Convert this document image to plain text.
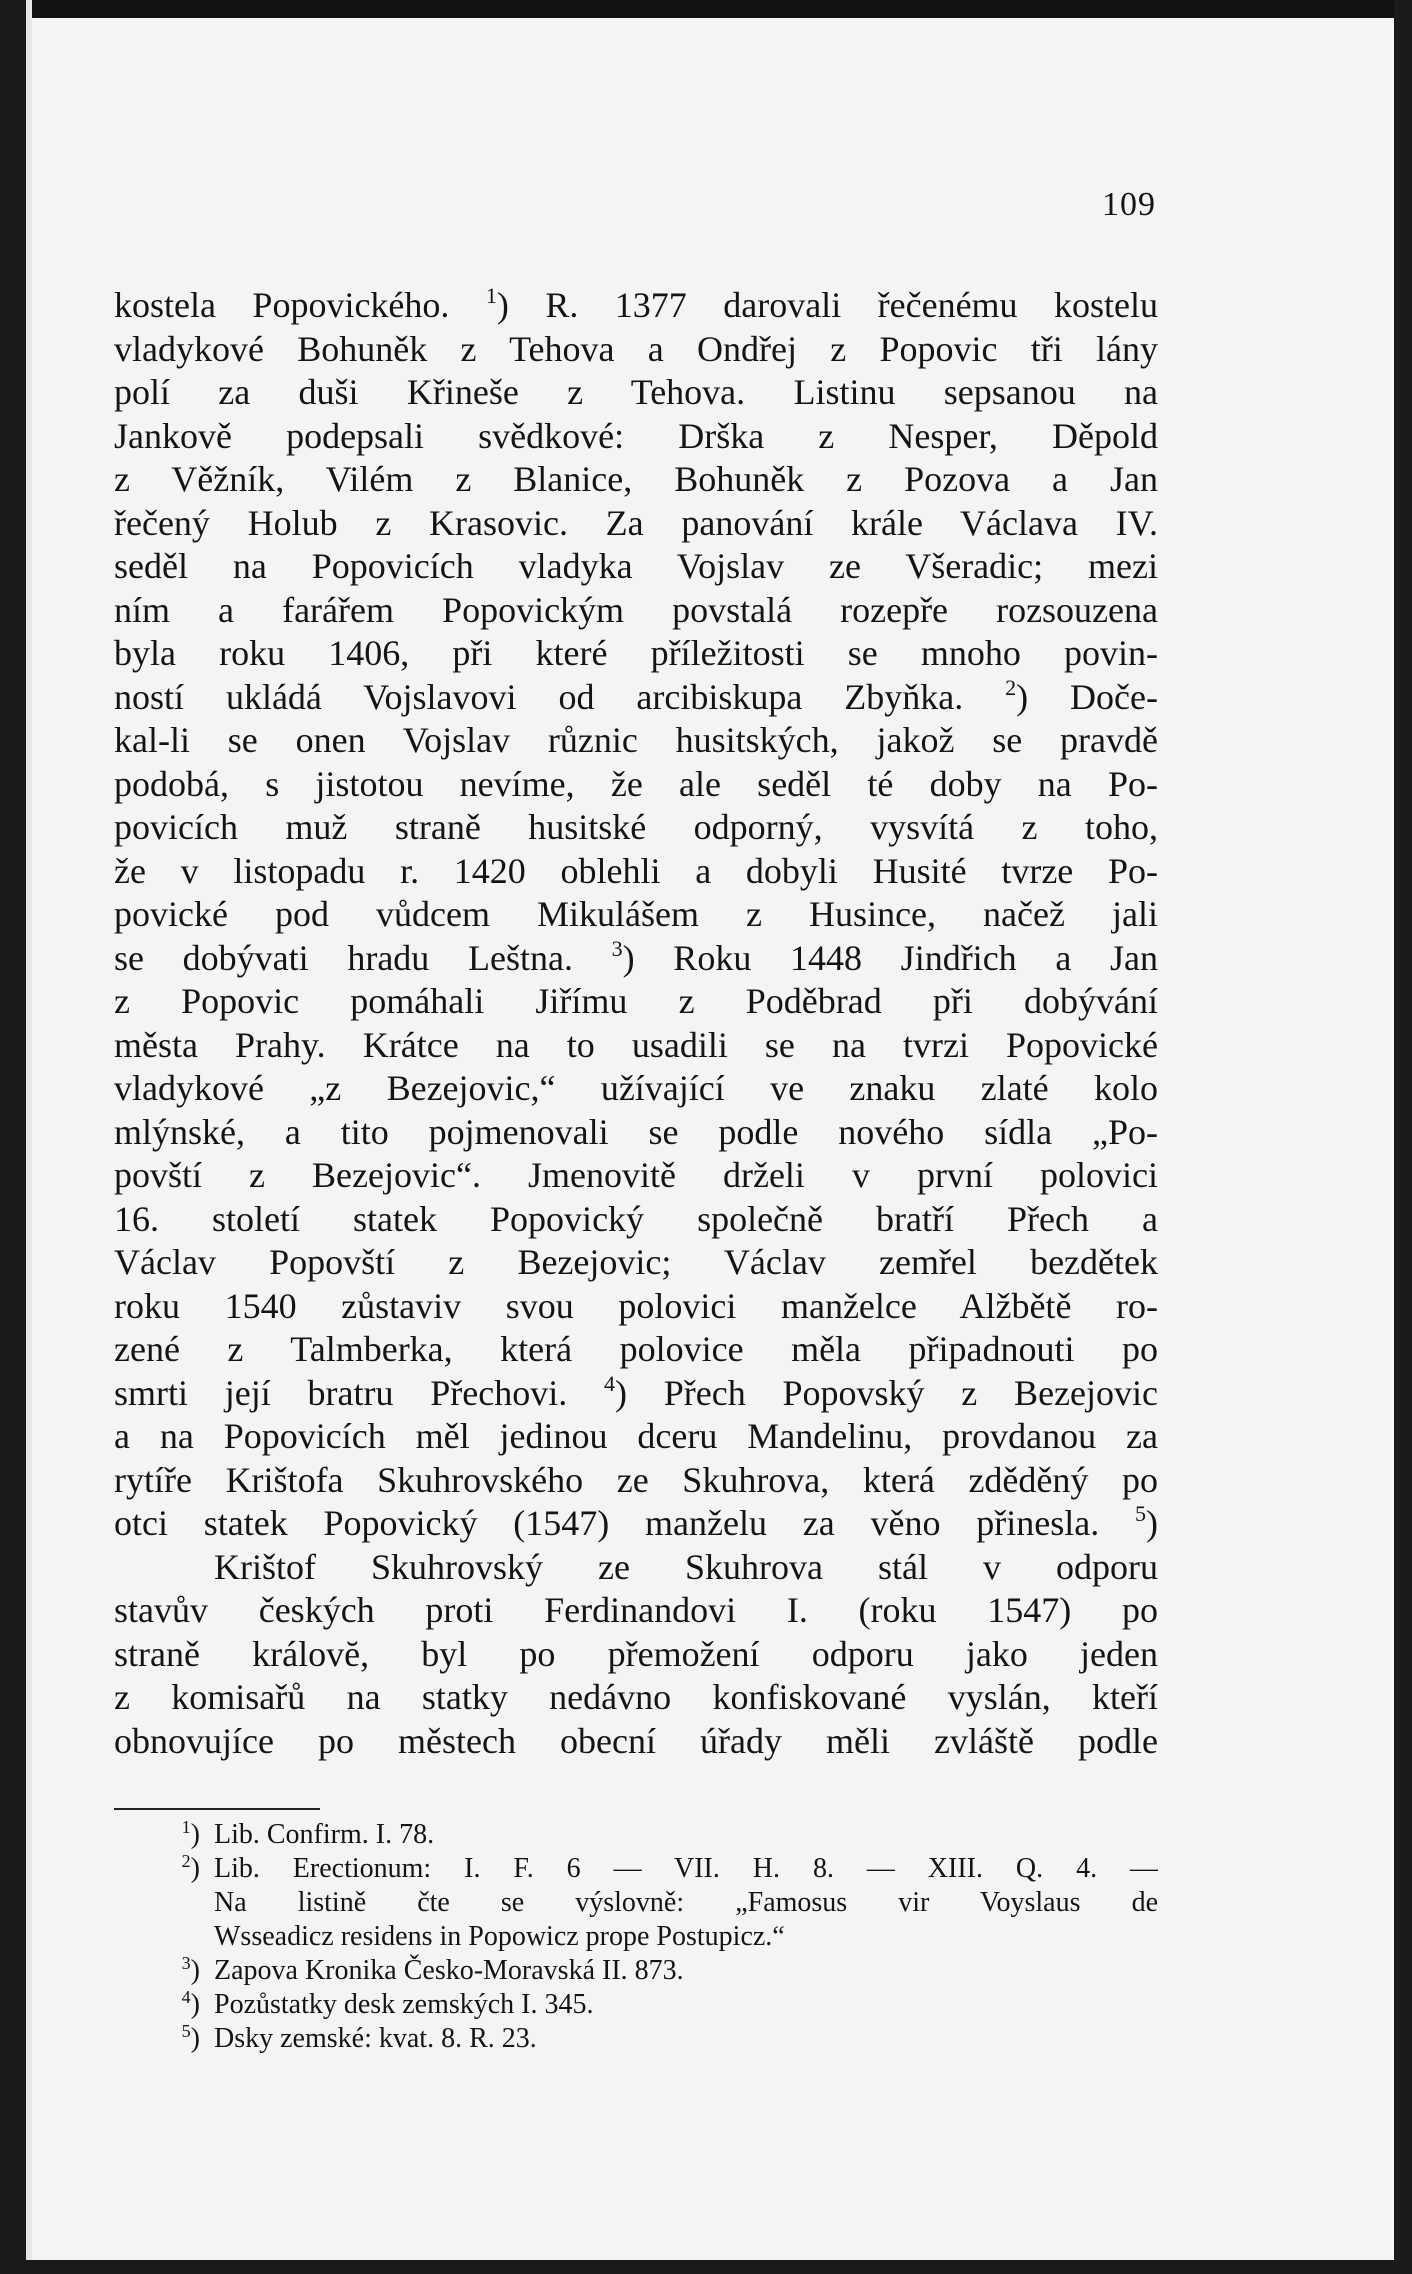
109
kostela Popovického. $^1$) R. 1377 darovali řečenému kostelu
vladykové Bohuněk z Tehova a Ondřej z Popovic tři lány
polí za duši Křineše z Tehova. Listinu sepsanou na
Jankově podepsali svědkové: Drška z Nesper, Děpold
z Věžník, Vilém z Blanice, Bohuněk z Pozova a Jan
řečený Holub z Krasovic. Za panování krále Václava IV.
seděl na Popovicích vladyka Vojslav ze Všeradic; mezi
ním a farářem Popovickým povstalá rozepře rozsouzena
byla roku 1406, při které příležitosti se mnoho povin-
ností ukládá Vojslavovi od arcibiskupa Zbyňka. $^2$) Doče-
kal-li se onen Vojslav různic husitských, jakož se pravdě
podobá, s jistotou nevíme, že ale seděl té doby na Po-
povicích muž straně husitské odporný, vysvítá z toho,
že v listopadu r. 1420 oblehli a dobyli Husité tvrze Po-
povické pod vůdcem Mikulášem z Husince, načež jali
se dobývati hradu Leštna. $^3$) Roku 1448 Jindřich a Jan
z Popovic pomáhali Jiřímu z Poděbrad při dobývání
města Prahy. Krátce na to usadili se na tvrzi Popovické
vladykové „z Bezejovic,“ užívající ve znaku zlaté kolo
mlýnské, a tito pojmenovali se podle nového sídla „Po-
povští z Bezejovic“. Jmenovitě drželi v první polovici
16. století statek Popovický společně bratří Přech a
Václav Popovští z Bezejovic; Václav zemřel bezdětek
roku 1540 zůstaviv svou polovici manželce Alžbětě ro-
zené z Talmberka, která polovice měla připadnouti po
smrti její bratru Přechovi. $^4$) Přech Popovský z Bezejovic
a na Popovicích měl jedinou dceru Mandelinu, provdanou za
rytíře Krištofa Skuhrovského ze Skuhrova, která zděděný po
otci statek Popovický (1547) manželu za věno přinesla. $^5$)
Krištof Skuhrovský ze Skuhrova stál v odporu
stavův českých proti Ferdinandovi I. (roku 1547) po
straně královĕ, byl po přemožení odporu jako jeden
z komisařů na statky nedávno konfiskované vyslán, kteří
obnovujíce po městech obecní úřady měli zvláště podle
$^1$) Lib. Confirm. I. 78.
$^2$) Lib. Erectionum: I. F. 6 — VII. H. 8. — XIII. Q. 4. —
Na listině čte se výslovně: „Famosus vir Voyslaus de
Wsseadicz residens in Popowicz prope Postupicz.“
$^3$) Zapova Kronika Česko-Moravská II. 873.
$^4$) Pozůstatky desk zemských I. 345.
$^5$) Dsky zemské: kvat. 8. R. 23.
